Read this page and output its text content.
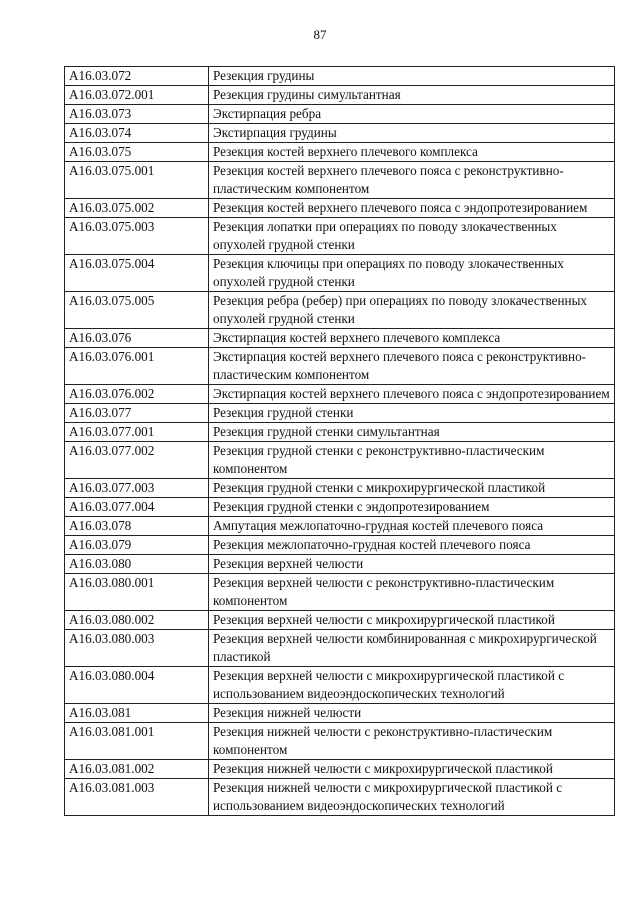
87
A16.03.072	Резекция грудины
A16.03.072.001	Резекция грудины симультантная
A16.03.073	Экстирпация ребра
A16.03.074	Экстирпация грудины
A16.03.075	Резекция костей верхнего плечевого комплекса
A16.03.075.001	Резекция костей верхнего плечевого пояса с реконструктивно-пластическим компонентом
A16.03.075.002	Резекция костей верхнего плечевого пояса с эндопротезированием
A16.03.075.003	Резекция лопатки при операциях по поводу злокачественных опухолей грудной стенки
A16.03.075.004	Резекция ключицы при операциях по поводу злокачественных опухолей грудной стенки
A16.03.075.005	Резекция ребра (ребер) при операциях по поводу злокачественных опухолей грудной стенки
A16.03.076	Экстирпация костей верхнего плечевого комплекса
A16.03.076.001	Экстирпация костей верхнего плечевого пояса с реконструктивно-пластическим компонентом
A16.03.076.002	Экстирпация костей верхнего плечевого пояса с эндопротезированием
A16.03.077	Резекция грудной стенки
A16.03.077.001	Резекция грудной стенки симультантная
A16.03.077.002	Резекция грудной стенки с реконструктивно-пластическим компонентом
A16.03.077.003	Резекция грудной стенки с микрохирургической пластикой
A16.03.077.004	Резекция грудной стенки с эндопротезированием
A16.03.078	Ампутация межлопаточно-грудная костей плечевого пояса
A16.03.079	Резекция межлопаточно-грудная костей плечевого пояса
A16.03.080	Резекция верхней челюсти
A16.03.080.001	Резекция верхней челюсти с реконструктивно-пластическим компонентом
A16.03.080.002	Резекция верхней челюсти с микрохирургической пластикой
A16.03.080.003	Резекция верхней челюсти комбинированная с микрохирургической пластикой
A16.03.080.004	Резекция верхней челюсти с микрохирургической пластикой с использованием видеоэндоскопических технологий
A16.03.081	Резекция нижней челюсти
A16.03.081.001	Резекция нижней челюсти с реконструктивно-пластическим компонентом
A16.03.081.002	Резекция нижней челюсти с микрохирургической пластикой
A16.03.081.003	Резекция нижней челюсти с микрохирургической пластикой с использованием видеоэндоскопических технологий
